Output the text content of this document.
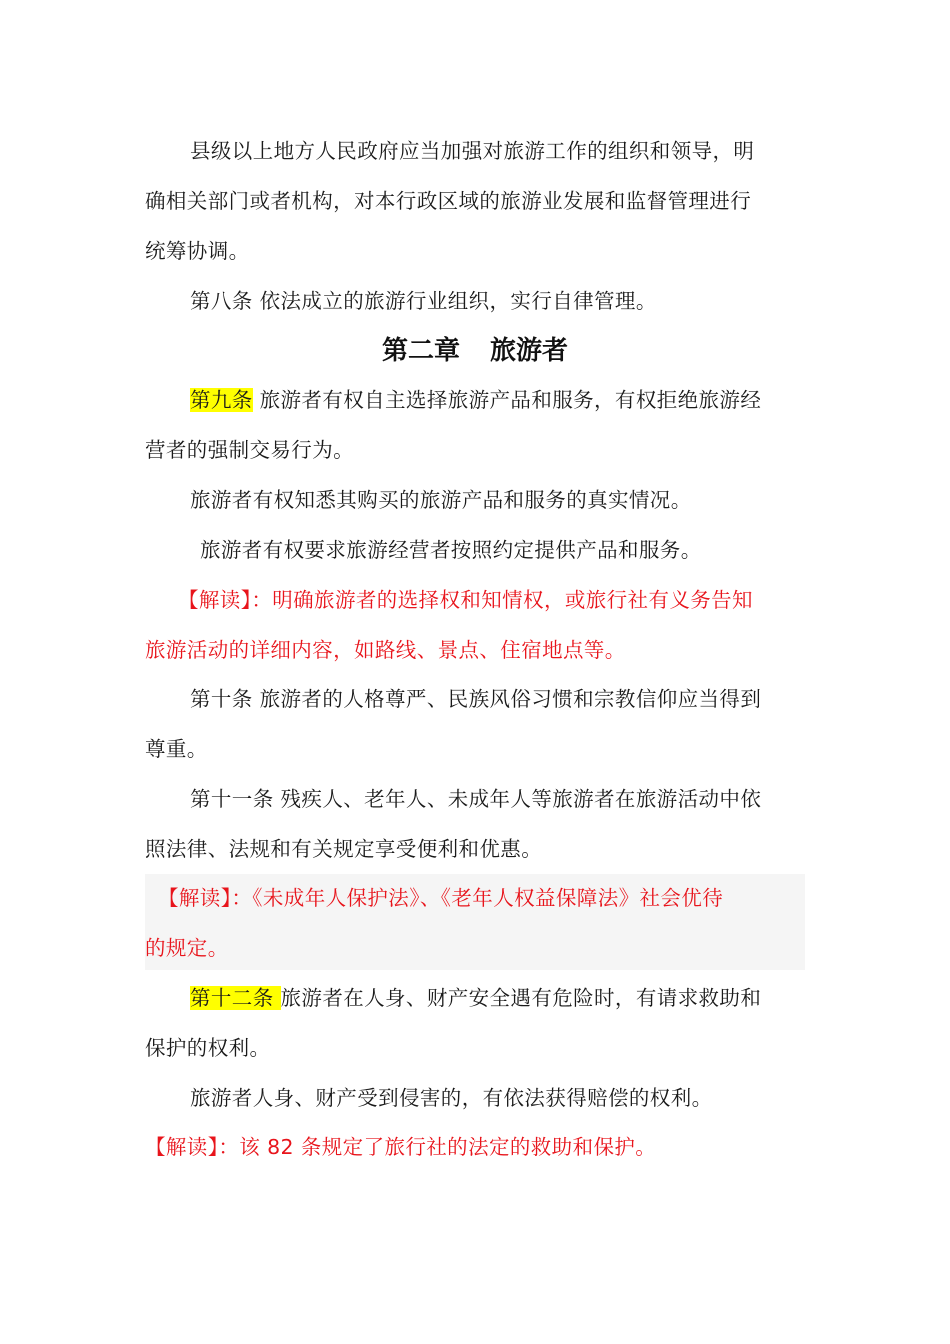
县级以上地方人民政府应当加强对旅游工作的组织和领导，明
确相关部门或者机构，对本行政区域的旅游业发展和监督管理进行
统筹协调。
第八条 依法成立的旅游行业组织，实行自律管理。
第二章 旅游者
第九条 旅游者有权自主选择旅游产品和服务，有权拒绝旅游经
营者的强制交易行为。
旅游者有权知悉其购买的旅游产品和服务的真实情况。
旅游者有权要求旅游经营者按照约定提供产品和服务。
【解读】：明确旅游者的选择权和知情权，或旅行社有义务告知
旅游活动的详细内容，如路线、景点、住宿地点等。
第十条 旅游者的人格尊严、民族风俗习惯和宗教信仰应当得到
尊重。
第十一条 残疾人、老年人、未成年人等旅游者在旅游活动中依
照法律、法规和有关规定享受便利和优惠。
【解读】：《未成年人保护法》、《老年人权益保障法》社会优待
的规定。
第十二条 旅游者在人身、财产安全遇有危险时，有请求救助和
保护的权利。
旅游者人身、财产受到侵害的，有依法获得赔偿的权利。
【解读】：该 82 条规定了旅行社的法定的救助和保护。
